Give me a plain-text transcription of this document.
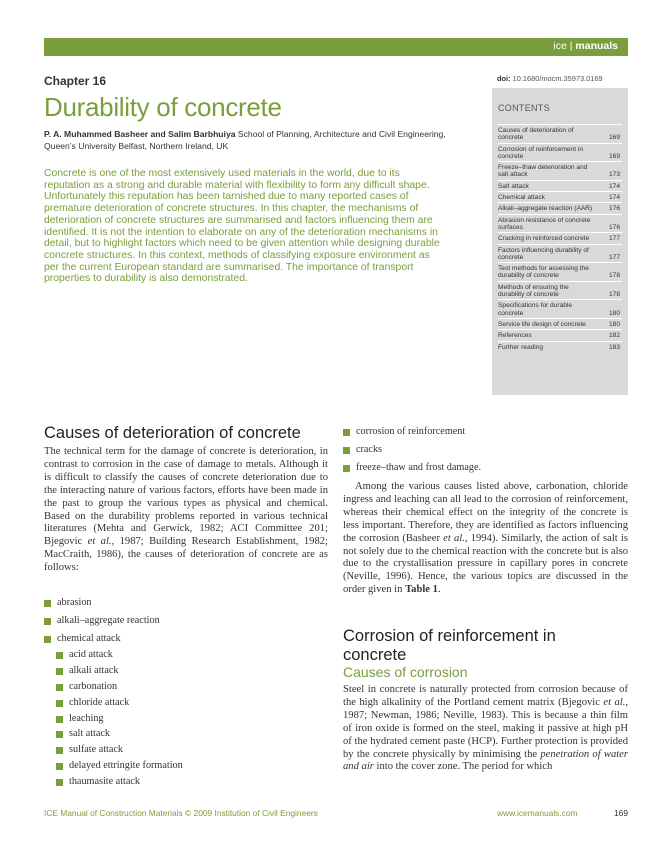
ice | manuals
Chapter 16
Durability of concrete
P. A. Muhammed Basheer and Salim Barbhuiya School of Planning, Architecture and Civil Engineering, Queen’s University Belfast, Northern Ireland, UK
Concrete is one of the most extensively used materials in the world, due to its reputation as a strong and durable material with flexibility to form any difficult shape. Unfortunately this reputation has been tarnished due to many reported cases of premature deterioration of concrete structures. In this chapter, the mechanisms of deterioration of concrete structures are summarised and factors influencing them are identified. It is not the intention to elaborate on any of the deterioration mechanisms in detail, but to highlight factors which need to be given attention while designing durable concrete structures. In this context, methods of classifying exposure environment as per the current European standard are summarised. The importance of transport properties to durability is also demonstrated.
doi: 10.1680/mocm.35973.0169
CONTENTS
Causes of deterioration of concrete	169
Corrosion of reinforcement in concrete	169
Freeze–thaw deterioration and salt attack	173
Salt attack	174
Chemical attack	174
Alkali–aggregate reaction (AAR)	176
Abrasion resistance of concrete surfaces	176
Cracking in reinforced concrete	177
Factors influencing durability of concrete	177
Test methods for assessing the durability of concrete	178
Methods of ensuring the durability of concrete	178
Specifications for durable concrete	180
Service life design of concrete	180
References	182
Further reading	183
Causes of deterioration of concrete

The technical term for the damage of concrete is deterioration, in contrast to corrosion in the case of damage to metals. Although it is difficult to classify the causes of concrete deterioration due to the interacting nature of various factors, efforts have been made in the past to group the various types as physical and chemical. Based on the durability problems reported in various technical literatures (Mehta and Gerwick, 1982; ACI Committee 201; Bjegovic et al., 1987; Building Research Establishment, 1982; MacCraith, 1986), the causes of deterioration of concrete are as follows:

abrasion
alkali–aggregate reaction
chemical attack
acid attack
alkali attack
carbonation
chloride attack
leaching
salt attack
sulfate attack
delayed ettringite formation
thaumasite attack
corrosion of reinforcement
cracks
freeze–thaw and frost damage.

Among the various causes listed above, carbonation, chloride ingress and leaching can all lead to the corrosion of reinforcement, whereas their chemical effect on the integrity of the concrete is less important. Therefore, they are identified as factors influencing the corrosion (Basheer et al., 1994). Similarly, the action of salt is not solely due to the chemical reaction with the concrete but is also due to the crystallisation pressure in capillary pores in concrete (Neville, 1996). Hence, the various topics are discussed in the order given in Table 1.

Corrosion of reinforcement in concrete
Causes of corrosion

Steel in concrete is naturally protected from corrosion because of the high alkalinity of the Portland cement matrix (Bjegovic et al., 1987; Newman, 1986; Neville, 1983). This is because a thin film of iron oxide is formed on the steel, making it passive at high pH of the hydrated cement paste (HCP). Further protection is provided by the concrete physically by minimising the penetration of water and air into the cover zone. The period for which

ICE Manual of Construction Materials © 2009 Institution of Civil Engineers	www.icemanuals.com	169
